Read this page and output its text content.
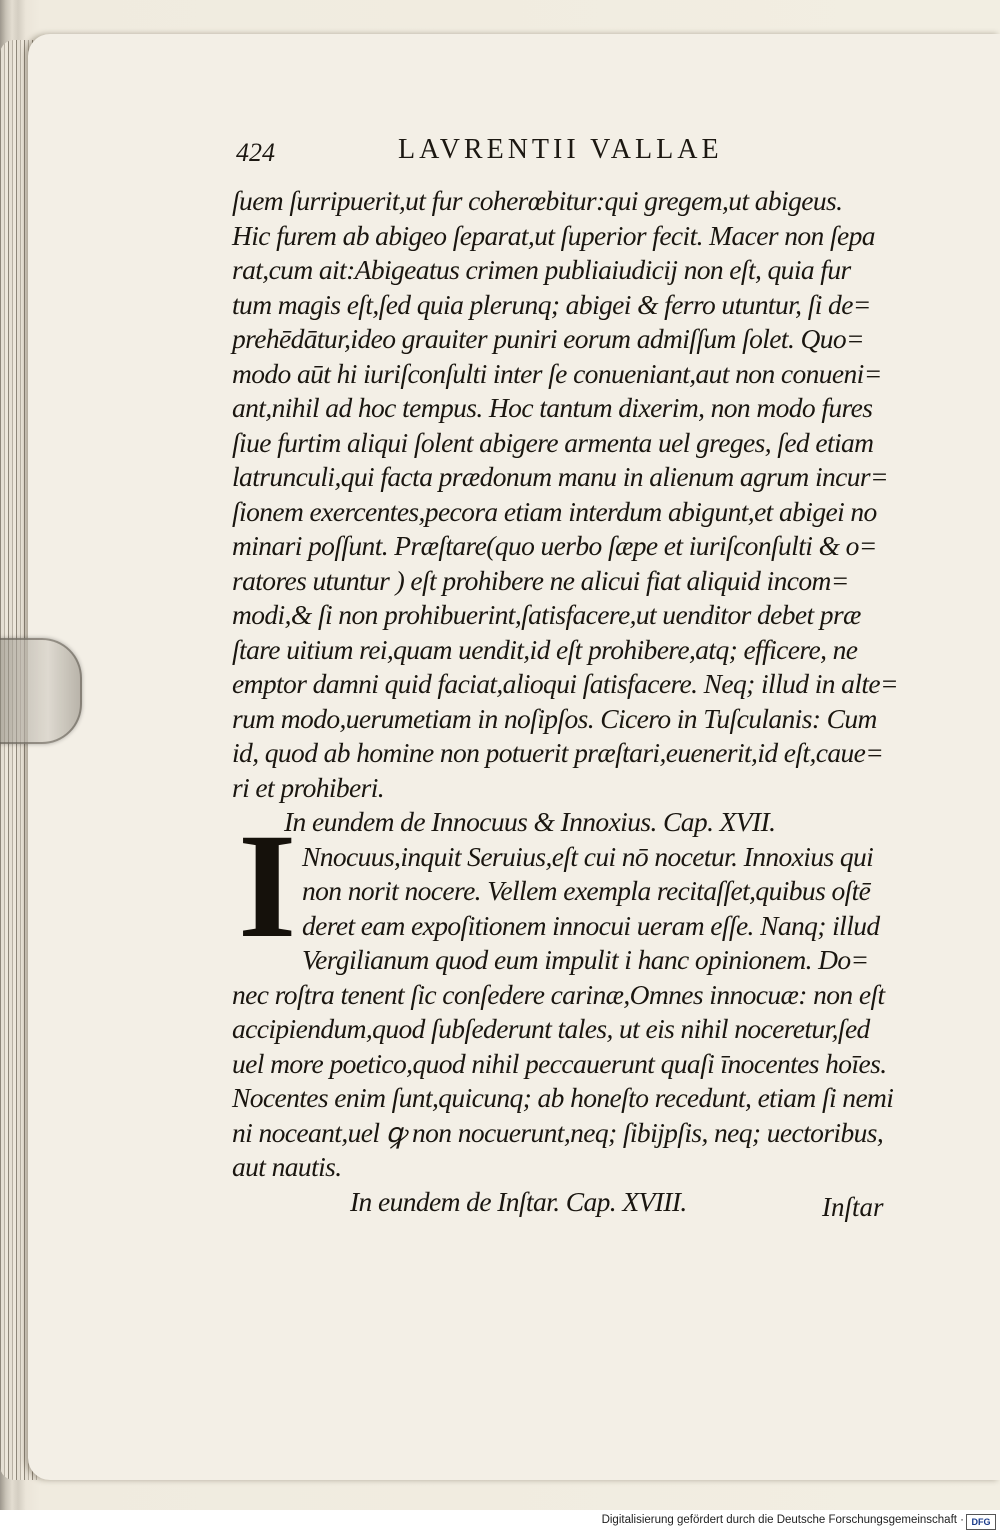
424	LAVRENTII VALLAE
ſuem ſurripuerit,ut fur coherœbitur:qui gregem,ut abigeus.
Hic furem ab abigeo ſeparat,ut ſuperior fecit. Macer non ſepa
rat,cum ait:Abigeatus crimen publiaiudicij non eſt, quia fur
tum magis eſt,ſed quia plerunq; abigei & ferro utuntur, ſi de=
prehēdātur,ideo grauiter puniri eorum admiſſum ſolet. Quo=
modo aūt hi iuriſconſulti inter ſe conueniant,aut non conueni=
ant,nihil ad hoc tempus. Hoc tantum dixerim, non modo fures
ſiue furtim aliqui ſolent abigere armenta uel greges, ſed etiam
latrunculi,qui facta prædonum manu in alienum agrum incur=
ſionem exercentes,pecora etiam interdum abigunt,et abigei no
minari poſſunt. Præſtare(quo uerbo ſæpe et iuriſconſulti & o=
ratores utuntur ) eſt prohibere ne alicui fiat aliquid incom=
modi,& ſi non prohibuerint,ſatisfacere,ut uenditor debet præ
ſtare uitium rei,quam uendit,id eſt prohibere,atq; efficere, ne
emptor damni quid faciat,alioqui ſatisfacere. Neq; illud in alte=
rum modo,uerumetiam in noſipſos. Cicero in Tuſculanis: Cum
id, quod ab homine non potuerit præſtari,euenerit,id eſt,caue=
ri et prohiberi.
In eundem de Innocuus & Innoxius. Cap. XVII.
Nnocuus,inquit Seruius,eſt cui nō nocetur. Innoxius qui
non norit nocere. Vellem exempla recitaſſet,quibus oſtē
deret eam expoſitionem innocui ueram eſſe. Nanq; illud
Vergilianum quod eum impulit i hanc opinionem. Do=
nec roſtra tenent ſic conſedere carinæ,Omnes innocuæ: non eſt
accipiendum,quod ſubſederunt tales, ut eis nihil noceretur,ſed
uel more poetico,quod nihil peccauerunt quaſi īnocentes hoīes.
Nocentes enim ſunt,quicunq; ab honeſto recedunt, etiam ſi nemi
ni noceant,uel ꝙ non nocuerunt,neq; ſibijpſis, neq; uectoribus,
aut nautis.
In eundem de Inſtar. Cap. XVIII.
I
Inſtar
Digitalisierung gefördert durch die Deutsche Forschungsgemeinschaft · DFG
